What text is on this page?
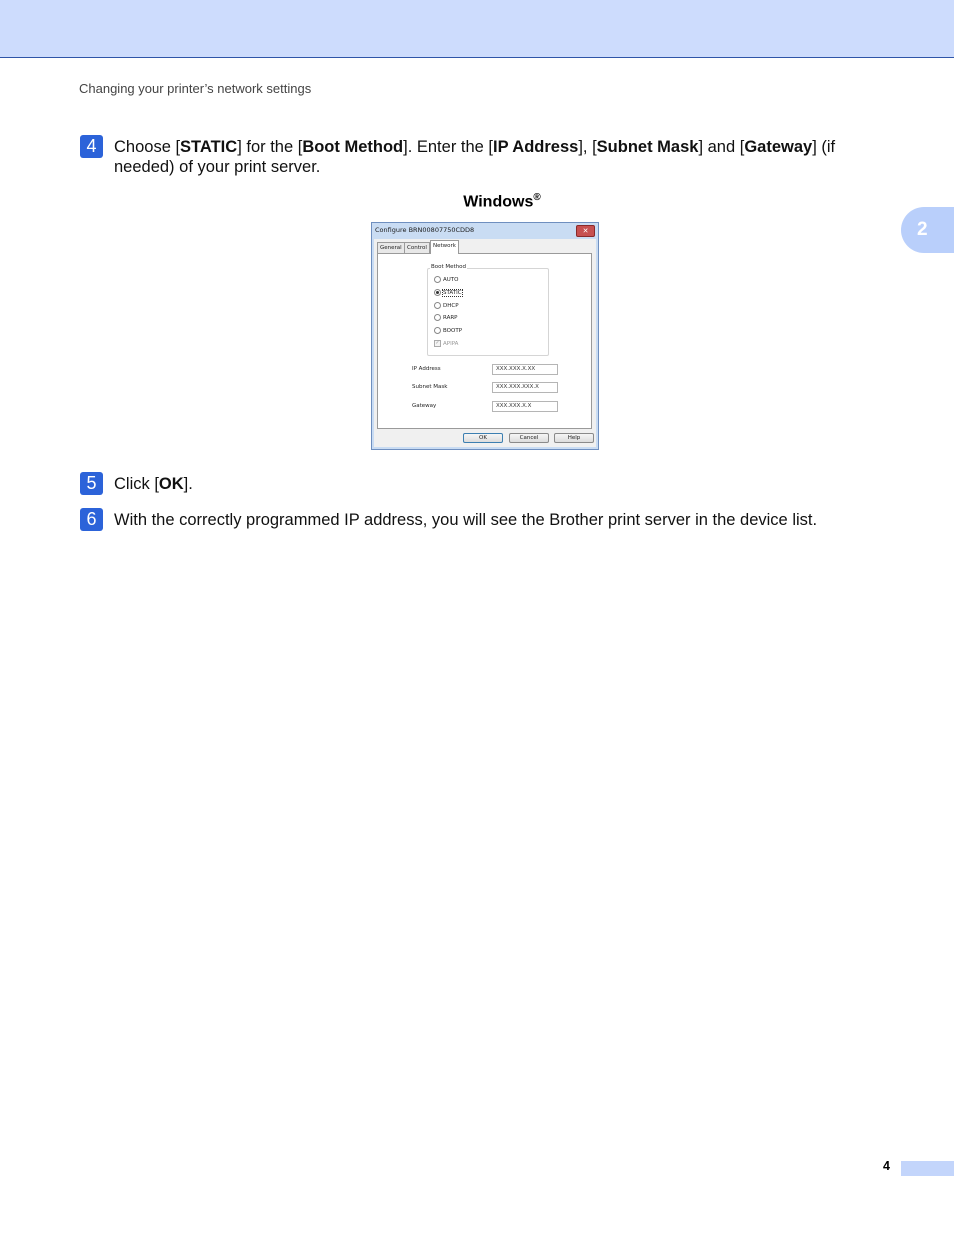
Changing your printer’s network settings
2
4	Choose [STATIC] for the [Boot Method]. Enter the [IP Address], [Subnet Mask] and [Gateway] (if needed) of your print server.
Windows®
Configure BRN00807750CDD8	✕
General Control	Network
Boot Method
AUTO
STATIC
DHCP
RARP
BOOTP
✓ APIPA
IP Address	XXX.XXX.X.XX
Subnet Mask	XXX.XXX.XXX.X
Gateway	XXX.XXX.X.X
OK	Cancel	Help
5	Click [OK].
6	With the correctly programmed IP address, you will see the Brother print server in the device list.
4
